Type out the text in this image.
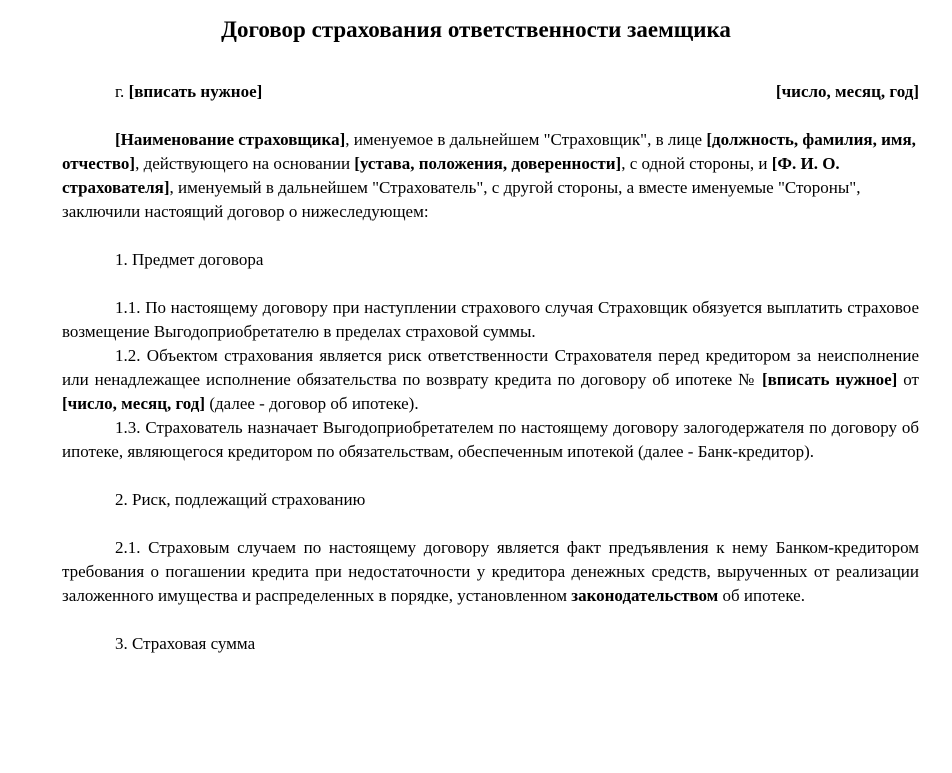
Договор страхования ответственности заемщика
г. [вписать нужное]	[число, месяц, год]

[Наименование страховщика], именуемое в дальнейшем "Страховщик", в лице [должность, фамилия, имя, отчество], действующего на основании [устава, положения, доверенности], с одной стороны, и [Ф. И. О. страхователя], именуемый в дальнейшем "Страхователь", с другой стороны, а вместе именуемые "Стороны", заключили настоящий договор о нижеследующем:

1. Предмет договора

1.1. По настоящему договору при наступлении страхового случая Страховщик обязуется выплатить страховое возмещение Выгодоприобретателю в пределах страховой суммы.

1.2. Объектом страхования является риск ответственности Страхователя перед кредитором за неисполнение или ненадлежащее исполнение обязательства по возврату кредита по договору об ипотеке № [вписать нужное] от [число, месяц, год] (далее - договор об ипотеке).

1.3. Страхователь назначает Выгодоприобретателем по настоящему договору залогодержателя по договору об ипотеке, являющегося кредитором по обязательствам, обеспеченным ипотекой (далее - Банк-кредитор).

2. Риск, подлежащий страхованию

2.1. Страховым случаем по настоящему договору является факт предъявления к нему Банком-кредитором требования о погашении кредита при недостаточности у кредитора денежных средств, вырученных от реализации заложенного имущества и распределенных в порядке, установленном законодательством об ипотеке.

3. Страховая сумма
